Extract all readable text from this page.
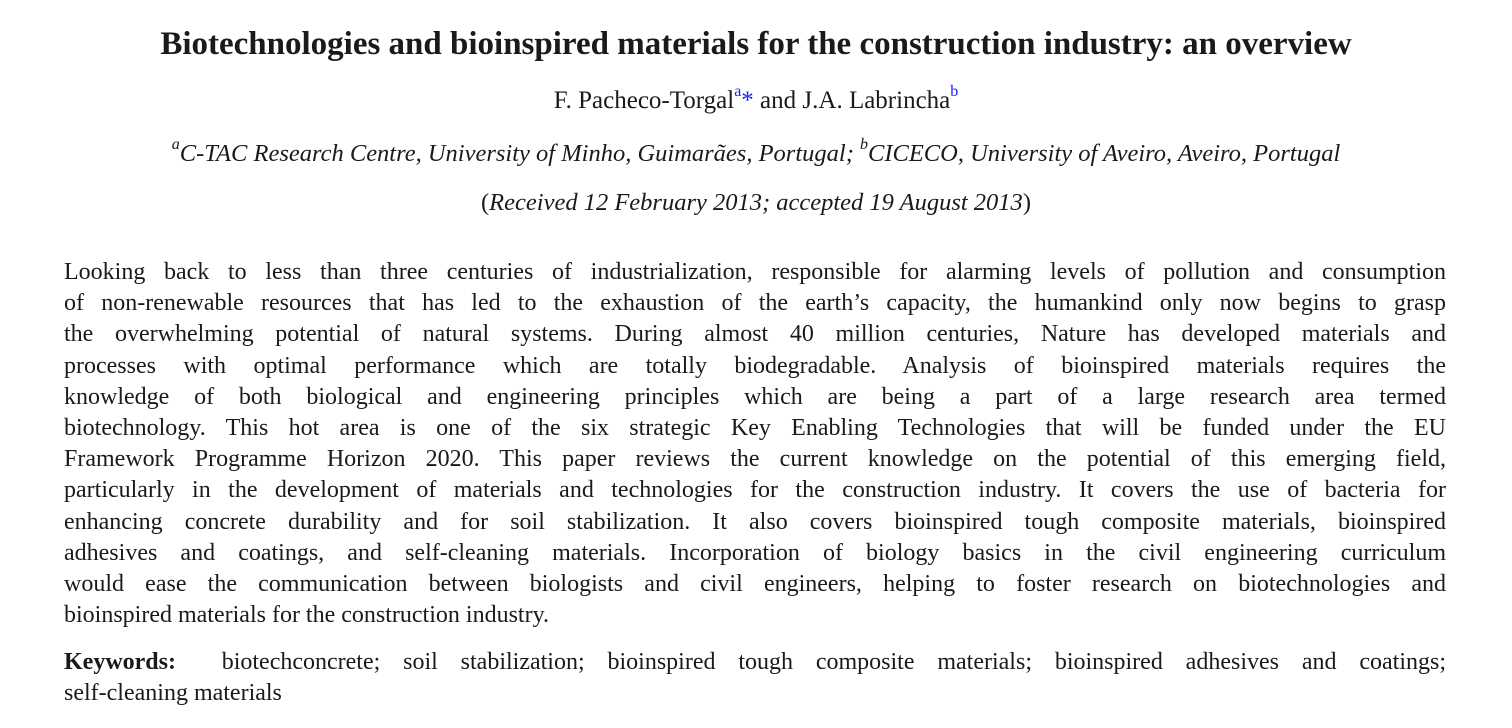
Biotechnologies and bioinspired materials for the construction industry: an overview
F. Pacheco-Torgal$^a$* and J.A. Labrincha$^b$
$^a$C-TAC Research Centre, University of Minho, Guimarães, Portugal; $^b$CICECO, University of Aveiro, Aveiro, Portugal
(Received 12 February 2013; accepted 19 August 2013)
Looking back to less than three centuries of industrialization, responsible for alarming levels of pollution and consumption
of non-renewable resources that has led to the exhaustion of the earth’s capacity, the humankind only now begins to grasp
the overwhelming potential of natural systems. During almost 40 million centuries, Nature has developed materials and
processes with optimal performance which are totally biodegradable. Analysis of bioinspired materials requires the
knowledge of both biological and engineering principles which are being a part of a large research area termed
biotechnology. This hot area is one of the six strategic Key Enabling Technologies that will be funded under the EU
Framework Programme Horizon 2020. This paper reviews the current knowledge on the potential of this emerging field,
particularly in the development of materials and technologies for the construction industry. It covers the use of bacteria for
enhancing concrete durability and for soil stabilization. It also covers bioinspired tough composite materials, bioinspired
adhesives and coatings, and self-cleaning materials. Incorporation of biology basics in the civil engineering curriculum
would ease the communication between biologists and civil engineers, helping to foster research on biotechnologies and
bioinspired materials for the construction industry.
Keywords: biotechconcrete; soil stabilization; bioinspired tough composite materials; bioinspired adhesives and coatings;
self-cleaning materials
